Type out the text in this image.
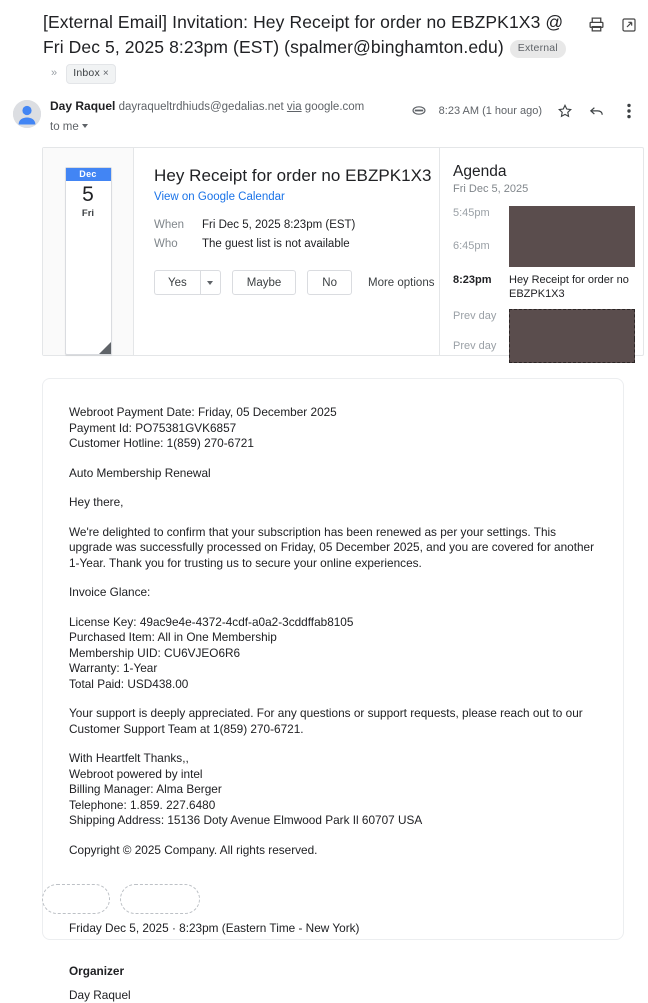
[External Email] Invitation: Hey Receipt for order no EBZPK1X3 @ Fri Dec 5, 2025 8:23pm (EST) (spalmer@binghamton.edu) External» Inbox ×
Day Raquel dayraqueltrdhiuds@gedalias.net via google.com
to me
8:23 AM (1 hour ago)
Dec
5
Fri
Hey Receipt for order no EBZPK1X3
View on Google Calendar
When	Fri Dec 5, 2025 8:23pm (EST)
Who	The guest list is not available
Yes	Maybe	No	More options
Agenda
Fri Dec 5, 2025
5:45pm
6:45pm
8:23pm	Hey Receipt for order no EBZPK1X3
Prev day
Prev day
Webroot Payment Date: Friday, 05 December 2025
Payment Id: PO75381GVK6857
Customer Hotline: 1(859) 270-6721
Auto Membership Renewal
Hey there,

We're delighted to confirm that your subscription has been renewed as per your settings. This upgrade was successfully processed on Friday, 05 December 2025, and you are covered for another 1-Year. Thank you for trusting us to secure your online experiences.

Invoice Glance:
License Key: 49ac9e4e-4372-4cdf-a0a2-3cddffab8105
Purchased Item: All in One Membership
Membership UID: CU6VJEO6R6
Warranty: 1-Year
Total Paid: USD438.00

Your support is deeply appreciated. For any questions or support requests, please reach out to our Customer Support Team at 1(859) 270-6721.

With Heartfelt Thanks,,
Webroot powered by intel
Billing Manager: Alma Berger
Telephone: 1.859. 227.6480
Shipping Address: 15136 Doty Avenue Elmwood Park Il 60707 USA
Copyright © 2025 Company. All rights reserved.
Friday Dec 5, 2025 · 8:23pm (Eastern Time - New York)
Organizer
Day Raquel
